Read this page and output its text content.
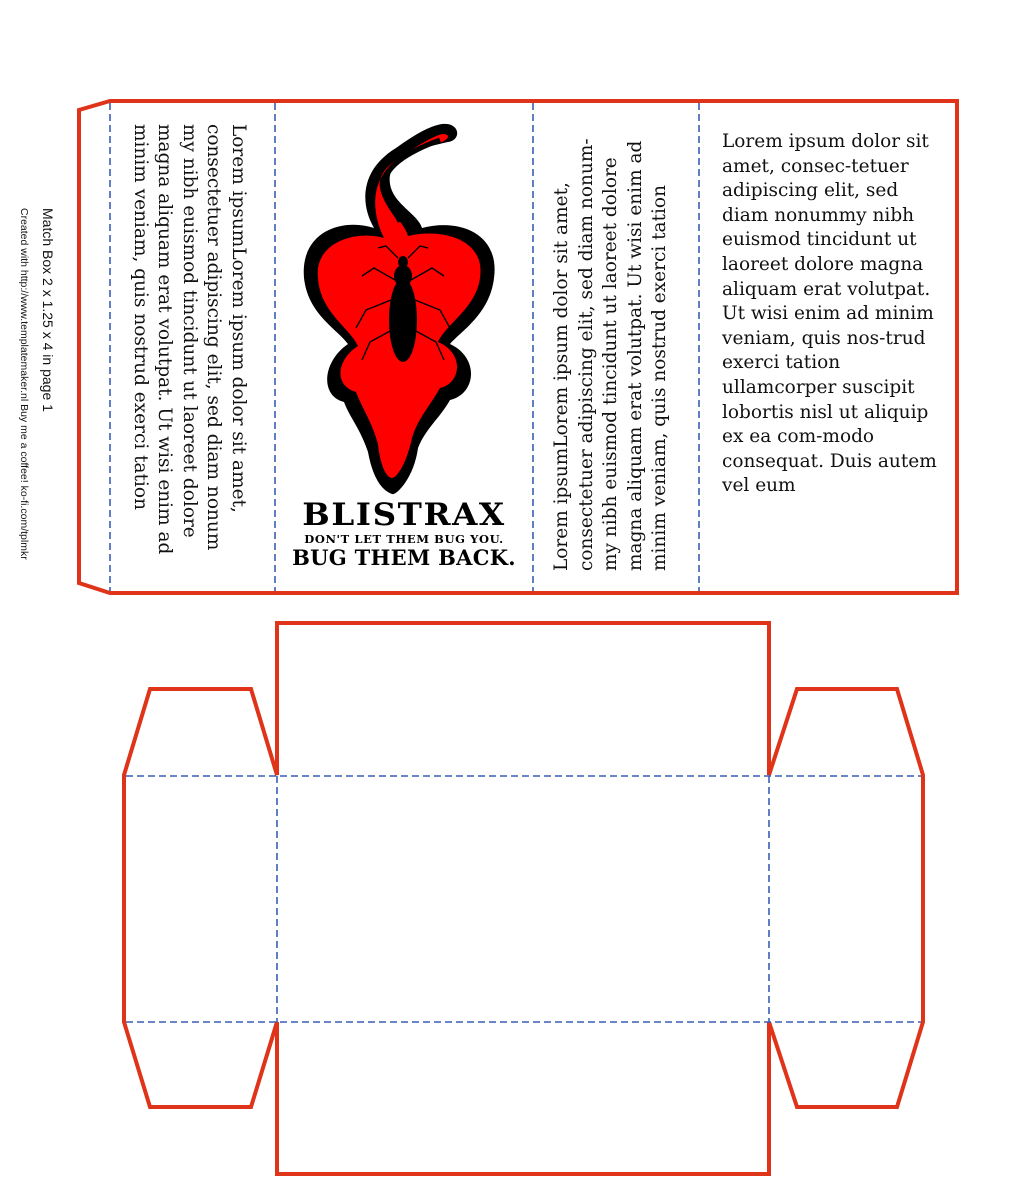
Match Box 2 x 1.25 x 4 in page 1
Created with http://www.templatemaker.nl Buy me a coffee! ko-fi.com/tplmkr	Lorem ipsumLorem ipsum dolor sit amet, consectetuer adipiscing elit, sed diam nonum my nibh euismod tincidunt ut laoreet dolore magna aliquam erat volutpat. Ut wisi enim ad minim veniam, quis nostrud exerci tation
BLISTRAX
DON'T LET THEM BUG YOU.
BUG THEM BACK.	Lorem ipsumLorem ipsum dolor sit amet, consectetuer adipiscing elit, sed diam nonum-my nibh euismod tincidunt ut laoreet dolore magna aliquam erat volutpat. Ut wisi enim ad minim veniam, quis nostrud exerci tation
Lorem ipsum dolor sit amet, consec-tetuer adipiscing elit, sed diam nonummy nibh euismod tincidunt ut laoreet dolore magna aliquam erat volutpat. Ut wisi enim ad minim veniam, quis nos-trud exerci tation ullamcorper suscipit lobortis nisl ut aliquip ex ea com-modo consequat. Duis autem vel eum
